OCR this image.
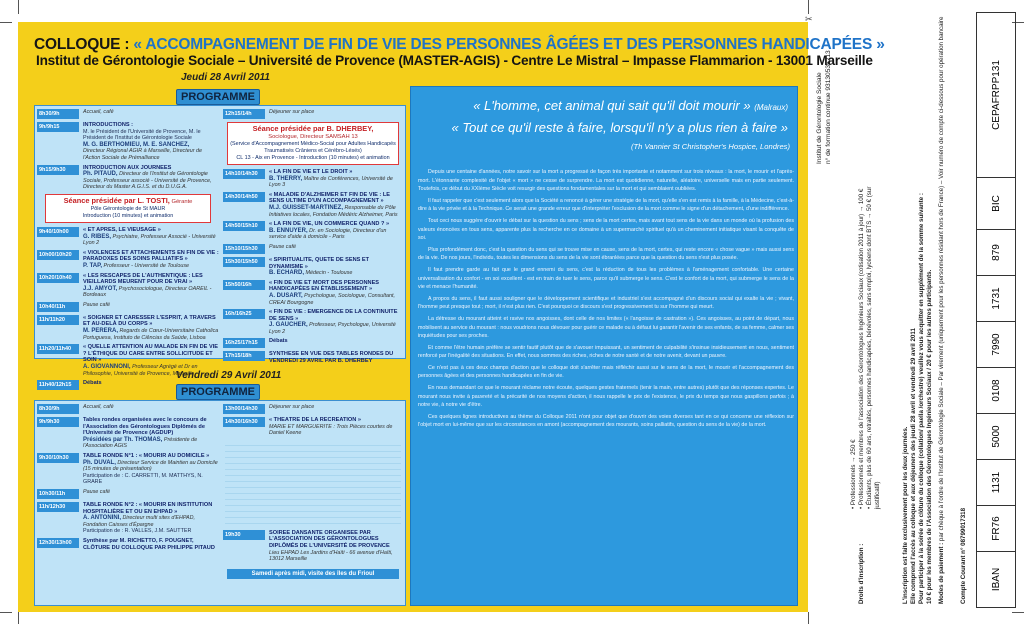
COLLOQUE : « ACCOMPAGNEMENT DE FIN DE VIE DES PERSONNES ÂGÉES ET DES PERSONNES HANDICAPÉES »
Institut de Gérontologie Sociale – Université de Provence (MASTER-AGIS) - Centre Le Mistral – Impasse Flammarion - 13001 Marseille
Jeudi 28 Avril 2011
PROGRAMME
8h30/9h	Accueil, café
9h/9h15	INTRODUCTIONS :
M. le Président de l'Université de Provence, M. le Président de l'Institut de Gérontologie Sociale
M. G. BERTHOMIEU, M. E. SANCHEZ,
Directeur Régional AGIR à Marseille, Directeur de l'Action Sociale de Prémalliance
9h15/9h30	INTRODUCTION AUX JOURNÉES
Ph. PITAUD, Directeur de l'Institut de Gérontologie Sociale, Professeur associé - Université de Provence, Directeur du Master A.G.I.S. et du D.U.G.A.
Séance présidée par L. TOSTI, Gérante
Pôle Gérontologie de St MAUR
Introduction (10 minutes) et animation
9h40/10h00	« ET APRÈS, LE VIEUSAGE »
G. RIBES, Psychiatre, Professeur Associé - Université Lyon 2
10h00/10h20	« VIOLENCES ET ATTACHEMENTS EN FIN DE VIE : PARADOXES DES SOINS PALLIATIFS »
P. TAP, Professeur - Université de Toulouse
10h20/10h40	« LES RESCAPÉS DE L'AUTHENTIQUE : LES VIEILLARDS MEURENT POUR DE VRAI »
J.J. AMYOT, Psychosociologue, Directeur OAREIL - Bordeaux
10h40/11h	Pause café
11h/11h20	« SOIGNER ET CARESSER L'ESPRIT, À TRAVERS ET AU-DELÀ DU CORPS »
M. PERERA, Regards de Cœur-Universitaire Catholica Portuguesa, Instituto de Ciências da Saúde, Lisboa
11h20/11h40	« QUELLE ATTENTION AU MALADE EN FIN DE VIE ? L'ÉTHIQUE DU CARE ENTRE SOLLICITUDE ET SOIN »
A. GIOVANNONI, Professeur Agrégé et Dr en Philosophie, Université de Provence, Marseille
11h40/12h15	Débats
12h15/14h	Déjeuner sur place
Séance présidée par B. DHERBEY,
Sociologue, Directeur SAMSAH 13
(Service d'Accompagnement Médico-Social pour Adultes Handicapés Traumatisés Crâniens et Cérébro-Lésés)
CL 13 - Aix en Provence - Introduction (10 minutes) et animation
14h10/14h30	« LA FIN DE VIE ET LE DROIT »
B. THERRY, Maître de Conférences, Université de Lyon 3
14h30/14h50	« MALADIE D'ALZHEIMER ET FIN DE VIE : LE SENS ULTIME D'UN ACCOMPAGNEMENT »
M.J. GUISSET-MARTINEZ, Responsable du Pôle Initiatives locales, Fondation Médéric Alzheimer, Paris
14h50/15h10	« LA FIN DE VIE, UN COMMERCE QUAND ? »
B. ENNUYER, Dr. en Sociologie, Directeur d'un service d'aide à domicile - Paris
15h10/15h30	Pause café
15h30/15h50	« SPIRITUALITÉ, QUÊTE DE SENS ET DYNAMISME »
B. ECHARD, Médecin - Toulouse
15h50/16h	« FIN DE VIE ET MORT DES PERSONNES HANDICAPÉES EN ÉTABLISSEMENT »
A. DUSART, Psychologue, Sociologue, Consultant, CREAI Bourgogne
16h/16h25	« FIN DE VIE : ÉMERGENCE DE LA CONTINUITÉ DE SENS »
J. GAUCHER, Professeur, Psychologue, Université Lyon 2
16h25/17h15	Débats
17h15/18h	SYNTHÈSE EN VUE DES TABLES RONDES DU VENDREDI 29 AVRIL PAR B. DHERBEY
Vendredi 29 Avril 2011
PROGRAMME
8h30/9h	Accueil, café
9h/9h30	Tables rondes organisées avec le concours de l'Association des Gérontologues Diplômés de l'Université de Provence (AGDUP)
Présidées par Th. THOMAS, Présidente de l'Association AGIS
9h30/10h30	TABLE RONDE N°1 : « MOURIR AU DOMICILE »
Ph. DUVAL, Directeur Service de Maintien au Domicile (15 minutes de présentation)
Participation de : C. CARRETTI, M. MATTHYS, N. GRARE
10h30/11h	Pause café
11h/12h30	TABLE RONDE N°2 : « MOURIR EN INSTITUTION HOSPITALIÈRE ET OU EN EHPAD »
A. ANTONINI, Directeur multi sites d'EHPAD, Fondation Caisses d'Épargne
Participation de : R. VALLES, J.M. SAUTTER
12h30/13h00	Synthèse par M. RICHETTO, F. POUGNET,
CLÔTURE DU COLLOQUE PAR PHILIPPE PITAUD
13h00/14h30	Déjeuner sur place
14h30/16h30	« THÉÂTRE DE LA RÉCRÉATION »
MARIE ET MARGUERITE : Trois Pièces courtes de Daniel Keene
19h30	SOIRÉE DANSANTE ORGANISÉE PAR L'ASSOCIATION DES GÉRONTOLOGUES DIPLÔMÉS DE L'UNIVERSITÉ DE PROVENCE
Lieu EHPAD Les Jardins d'Haïti - 66 avenue d'Haïti, 13012 Marseille
Samedi après midi, visite des îles du Frioul
« L'homme, cet animal qui sait qu'il doit mourir » (Malraux)
« Tout ce qu'il reste à faire, lorsqu'il n'y a plus rien à faire »
(Th Vannier St Christopher's Hospice, Londres)

Depuis une centaine d'années, notre savoir sur la mort a progressé de façon très importante et notamment sur trois niveaux : la mort, le mourir et l'après-mort. L'étonnante complexité de l'objet « mort » ne cesse de surprendre. La mort est quotidienne, naturelle, aléatoire, universelle mais en partie seulement. Toutefois, ce début du XXIème Siècle voit resurgir des questions fondamentales sur la mort et qui semblaient oubliées.

Il faut rappeler que c'est seulement alors que la Société a renoncé à gérer une stratégie de la mort, qu'elle s'en est remis à la famille, à la Médecine, c'est-à-dire à la vie privée et à la Technique. Ce serait une grande erreur que d'interpréter l'exclusion de la mort comme le signe d'un détachement, d'une indifférence.

Tout ceci nous suggère d'ouvrir le débat sur la question du sens ; sens de la mort certes, mais avant tout sens de la vie dans un monde où la profusion des valeurs énoncées en tous sens, apparente plus la recherche en ce domaine à un supermarché spirituel qu'à un cheminement initiatique visant la conquête de soi.

Plus profondément donc, c'est la question du sens qui se trouve mise en cause, sens de la mort, certes, qui reste encore « chose vague » mais aussi sens de la vie. De nos jours, l'individu, toutes les dimensions du sens de la vie sont ébranlées parce que la question du sens n'est plus posée.

Il faut prendre garde au fait que le grand ennemi du sens, c'est la réduction de tous les problèmes à l'aménagement confortable. Une certaine universalisation du confort - en soi excellent - est en train de tuer le sens, parce qu'il submerge le sens. C'est le confort de la mort, qui submerge le sens de la vie et menace l'humanité.

A propos du sens, il faut aussi souligner que le développement scientifique et industriel s'est accompagné d'un discours social qui exalte la vie ; vivant, l'homme peut presque tout ; mort, il n'est plus rien. C'est pourquoi ce discours s'est progressivement tu sur l'homme qui meurt.

La détresse du mourant atteint et ravive nos angoisses, dont celle de nos limites (« l'angoisse de castration »). Ces angoisses, au point de départ, nous mobilisent au service du mourant : nous voudrions nous dévouer pour guérir ce malade ou à défaut lui garantir l'avenir de ses enfants, de sa femme, calmer ses inquiétudes pour ses proches.

Et comme l'être humain préfère se sentir fautif plutôt que de s'avouer impuissant, un sentiment de culpabilité s'insinue insidieusement en nous, sentiment renforcé par l'inégalité des situations. En effet, nous sommes des riches, riches de notre santé et de notre avenir, devant un pauvre.

Ce n'est pas à ces deux champs d'action que le colloque doit s'arrêter mais réfléchir aussi sur le sens de la mort, le mourir et l'accompagnement des personnes âgées et des personnes handicapées en fin de vie.

En nous demandant ce que le mourant réclame notre écoute, quelques gestes fraternels (tenir la main, entre autres) plutôt que des réponses expertes. Le mourant nous invite à pauvreté et la précarité de nos moyens d'action, il nous rappelle le prix de l'existence, le prix du temps que nous gaspillons parfois ; à notre vie, à notre vie d'être.

Ces quelques lignes introductives au thème du Colloque 2011 n'ont pour objet que d'ouvrir des voies diverses tant en ce qui concerne une réflexion sur l'objet mort en lui-même que sur les circonstances en amont (accompagnement des mourants, soins palliatifs, question du sens de la vie) de la mort.

Institut de Gérontologie Sociale n° de formation continue 93130535213
Droits d'inscription :
• Professionnels → 250 €
• Professionnels et membres de l'association des Gérontologues Ingénieurs Sociaux (cotisation 2011 à jour) → 100 €
• Étudiants, plus de 60 ans, retraités, personnes handicapées, bénévoles, sans emploi, lycéens dont BTS → 50 € (sur justificatif)	L'inscription est faite exclusivement pour les deux journées.
Elle comprend l'accès au colloque et aux déjeuners des jeudi 28 avril et vendredi 29 avril 2011
Pour participer à la soirée de clôture du colloque (collation/ paella /orchestre) veuillez vous acquitter en supplément de la somme suivante :
10 € pour les membres de l'Association des Gérontologues Ingénieurs Sociaux / 20 € pour les autres participants. Modes de paiement : par chèque à l'ordre de l'Institut de Gérontologie Sociale – Par virement (uniquement pour les personnes résidant hors de France) – Voir numéro de compte ci-dessous pour opération bancaire
Compte Courant n° 08799017318	IBAN
FR76
1131
5000
0108
7990
1731
879
BIC
CEPAFRPP131
✂
